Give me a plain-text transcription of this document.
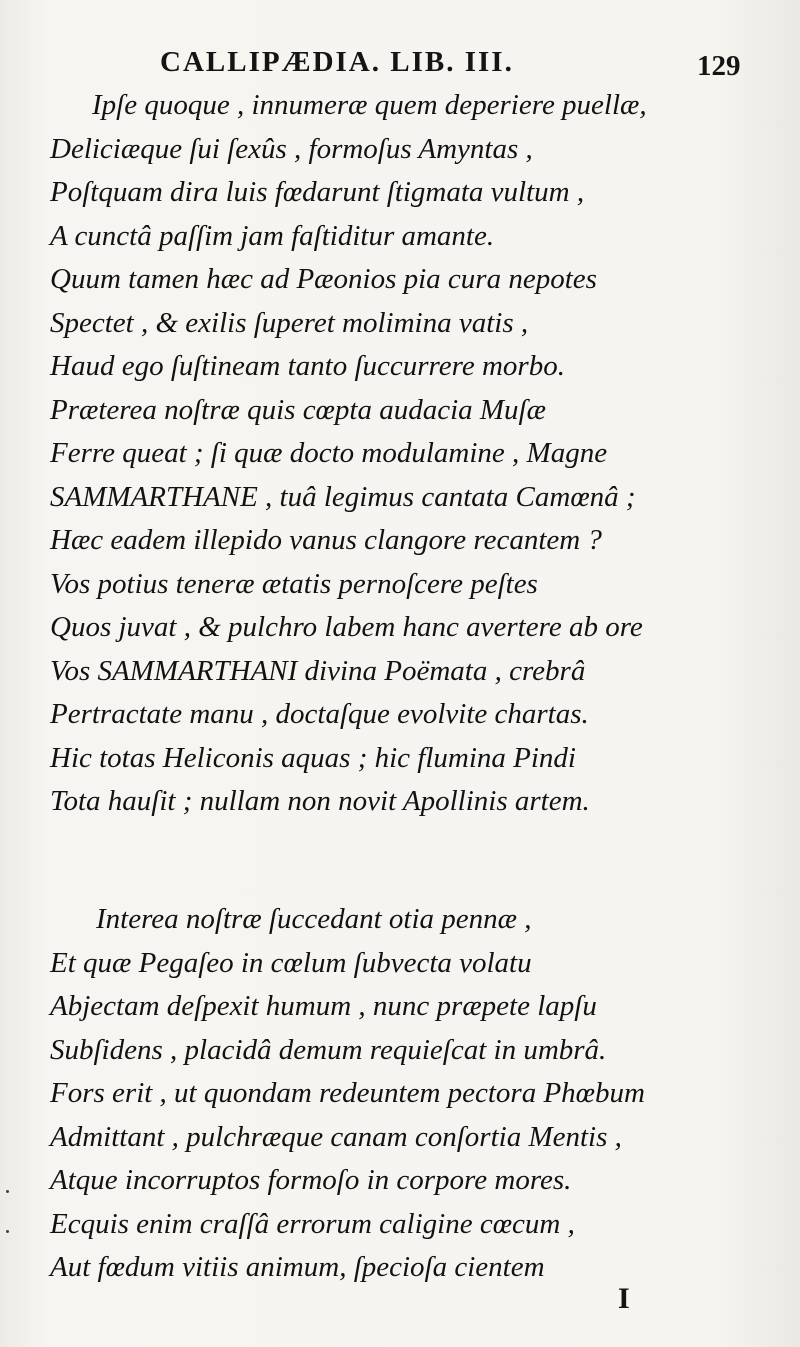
CALLIPÆDIA. LIB. III.	129
Ipſe quoque , innumeræ quem deperiere puellæ,
Deliciæque ſui ſexûs , formoſus Amyntas ,
Poſtquam dira luis fœdarunt ſtigmata vultum ,
A cunctâ paſſim jam faſtiditur amante.
Quum tamen hæc ad Pæonios pia cura nepotes
Spectet , & exilis ſuperet molimina vatis ,
Haud ego ſuſtineam tanto ſuccurrere morbo.
Præterea noſtræ quis cœpta audacia Muſæ
Ferre queat ; ſi quæ docto modulamine , Magne
SAMMARTHANE , tuâ legimus cantata Camœnâ ;
Hæc eadem illepido vanus clangore recantem ?
Vos potius teneræ ætatis pernoſcere peſtes
Quos juvat , & pulchro labem hanc avertere ab ore
Vos SAMMARTHANI divina Poëmata , crebrâ
Pertractate manu , doctaſque evolvite chartas.
Hic totas Heliconis aquas ; hic flumina Pindi
Tota hauſit ; nullam non novit Apollinis artem.
Interea noſtræ ſuccedant otia pennæ ,
Et quæ Pegaſeo in cœlum ſubvecta volatu
Abjectam deſpexit humum , nunc præpete lapſu
Subſidens , placidâ demum requieſcat in umbrâ.
Fors erit , ut quondam redeuntem pectora Phœbum
Admittant , pulchræque canam conſortia Mentis ,
Atque incorruptos formoſo in corpore mores.
Ecquis enim craſſâ errorum caligine cœcum ,
Aut fœdum vitiis animum, ſpecioſa cientem
I
